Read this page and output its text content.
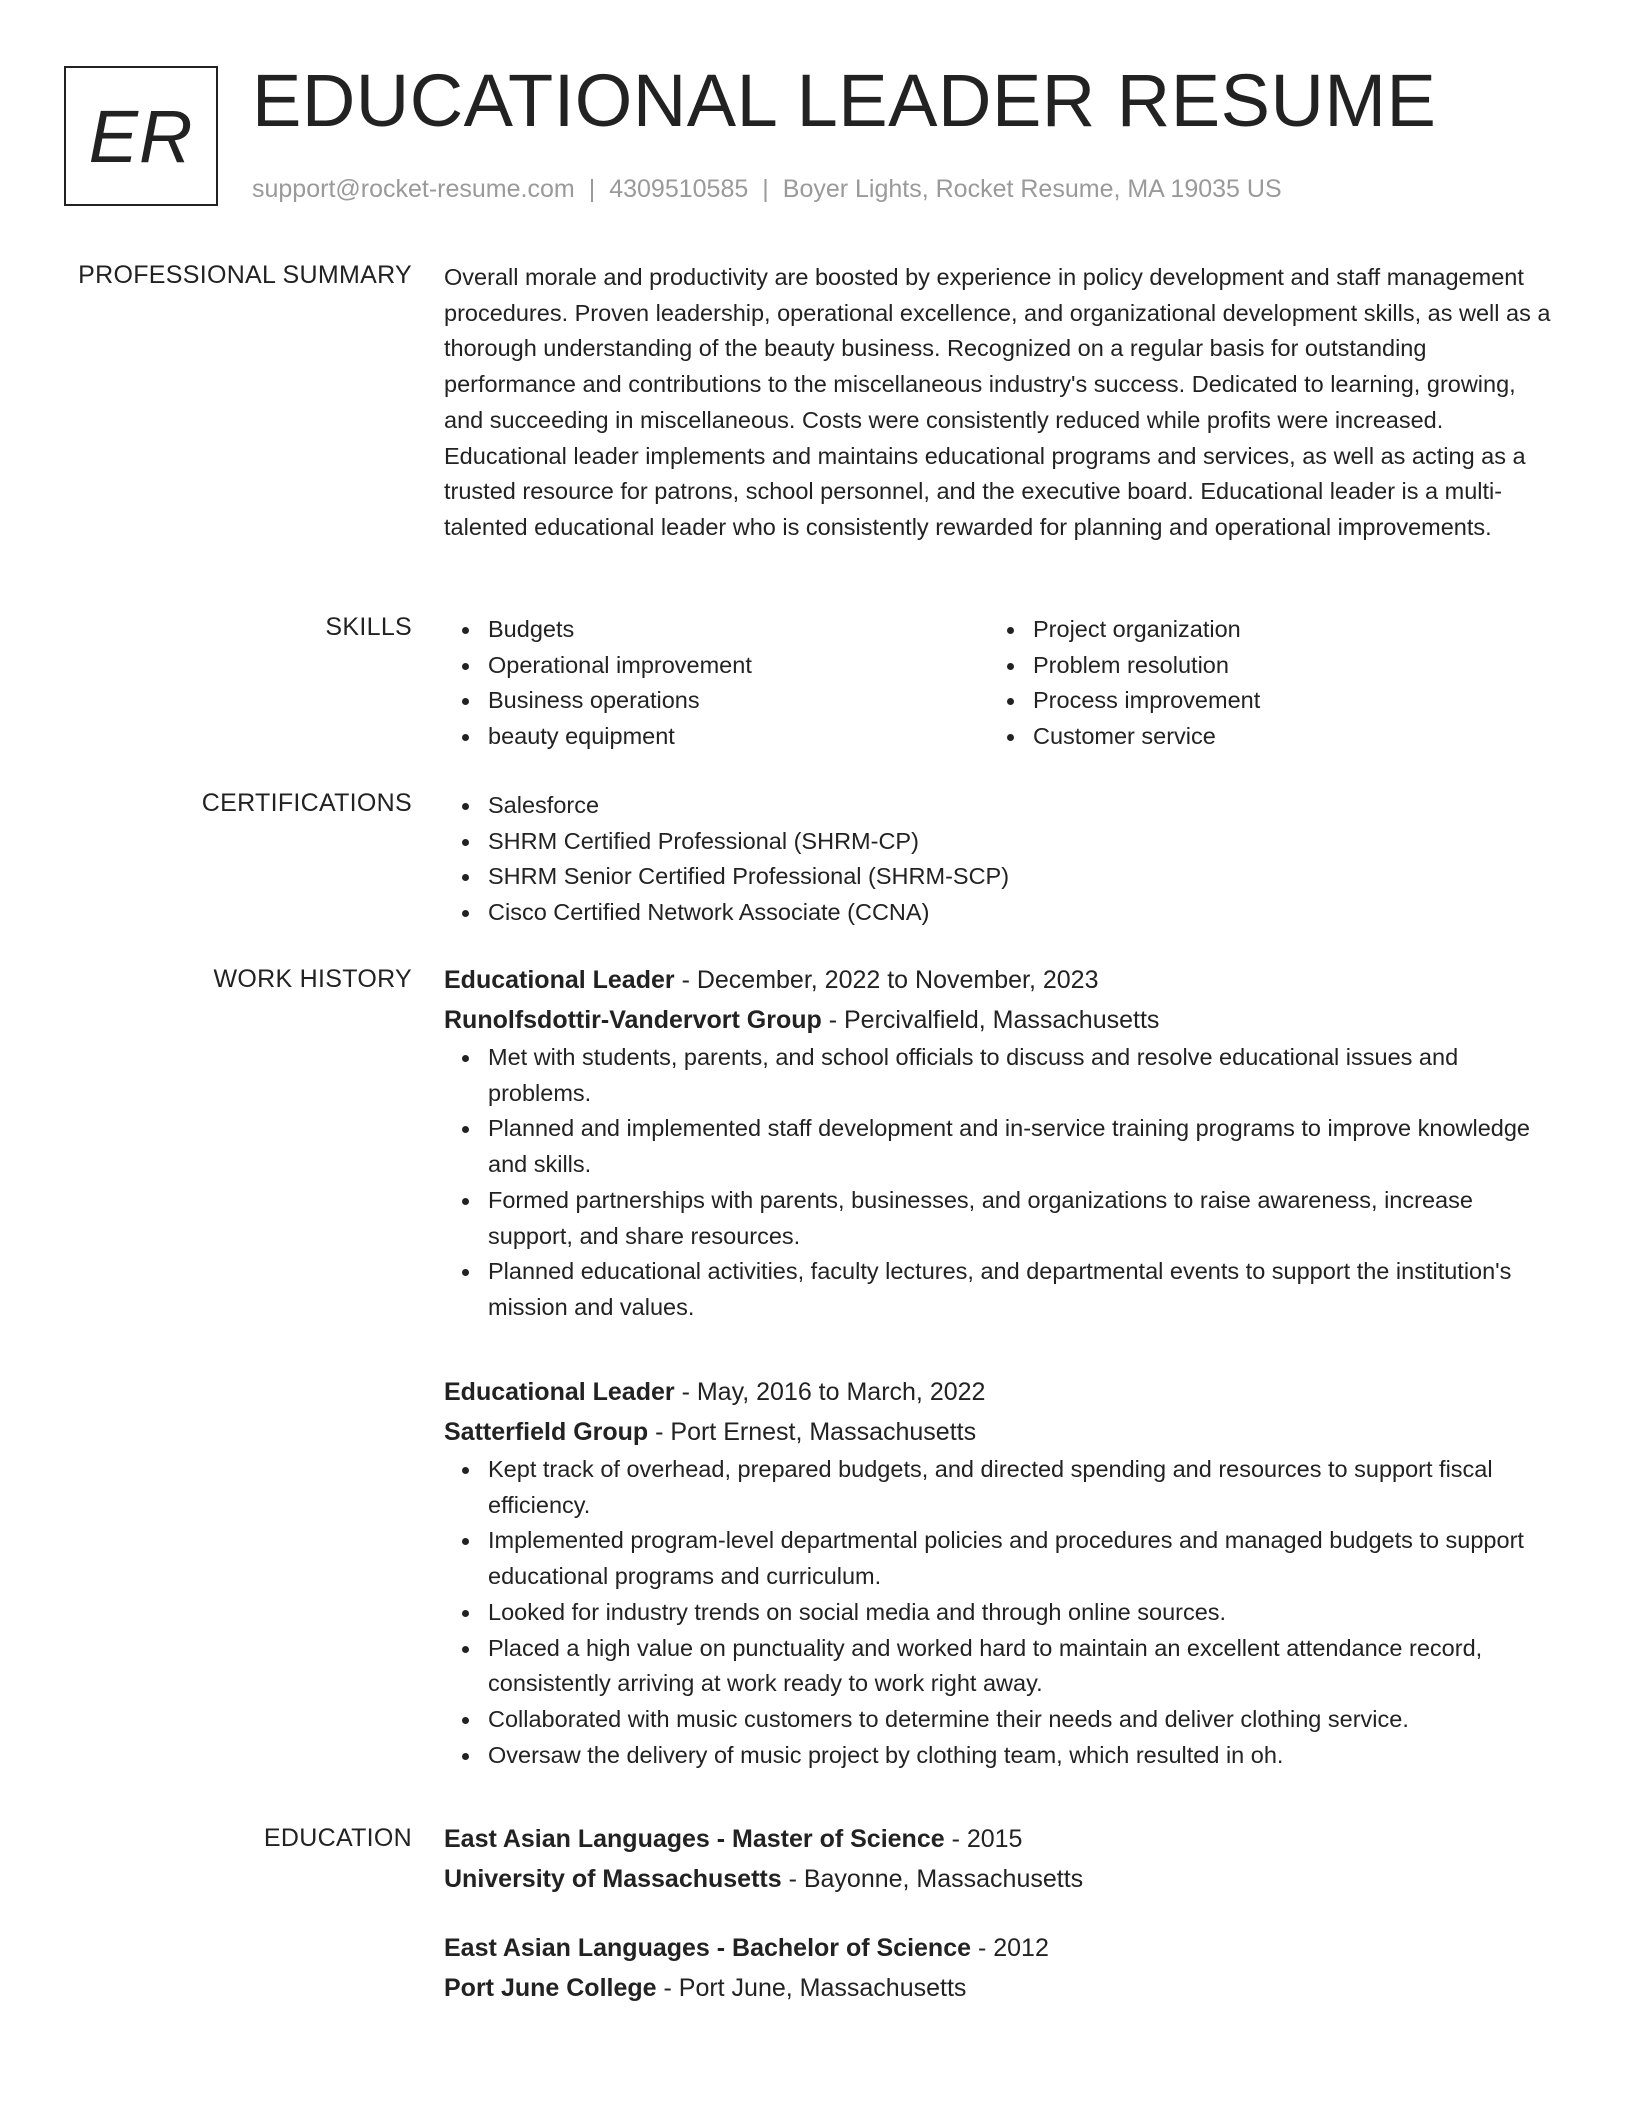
ER EDUCATIONAL LEADER RESUME
support@rocket-resume.com | 4309510585 | Boyer Lights, Rocket Resume, MA 19035 US
PROFESSIONAL SUMMARY Overall morale and productivity are boosted by experience in policy development and staff management procedures. Proven leadership, operational excellence, and organizational development skills, as well as a thorough understanding of the beauty business. Recognized on a regular basis for outstanding performance and contributions to the miscellaneous industry's success. Dedicated to learning, growing, and succeeding in miscellaneous. Costs were consistently reduced while profits were increased. Educational leader implements and maintains educational programs and services, as well as acting as a trusted resource for patrons, school personnel, and the executive board. Educational leader is a multi-talented educational leader who is consistently rewarded for planning and operational improvements.

SKILLS	Budgets
Operational improvement
Business operations
beauty equipment
Project organization
Problem resolution
Process improvement
Customer service
CERTIFICATIONS	Salesforce
SHRM Certified Professional (SHRM-CP)
SHRM Senior Certified Professional (SHRM-SCP)
Cisco Certified Network Associate (CCNA)
WORK HISTORY Educational Leader - December, 2022 to November, 2023
Runolfsdottir-Vandervort Group - Percivalfield, Massachusetts
Met with students, parents, and school officials to discuss and resolve educational issues and problems.
Planned and implemented staff development and in-service training programs to improve knowledge and skills.
Formed partnerships with parents, businesses, and organizations to raise awareness, increase support, and share resources.
Planned educational activities, faculty lectures, and departmental events to support the institution's mission and values.
Educational Leader - May, 2016 to March, 2022
Satterfield Group - Port Ernest, Massachusetts
Kept track of overhead, prepared budgets, and directed spending and resources to support fiscal efficiency.
Implemented program-level departmental policies and procedures and managed budgets to support educational programs and curriculum.
Looked for industry trends on social media and through online sources.
Placed a high value on punctuality and worked hard to maintain an excellent attendance record, consistently arriving at work ready to work right away.
Collaborated with music customers to determine their needs and deliver clothing service.
Oversaw the delivery of music project by clothing team, which resulted in oh.
EDUCATION East Asian Languages - Master of Science - 2015
University of Massachusetts - Bayonne, Massachusetts
East Asian Languages - Bachelor of Science - 2012
Port June College - Port June, Massachusetts
